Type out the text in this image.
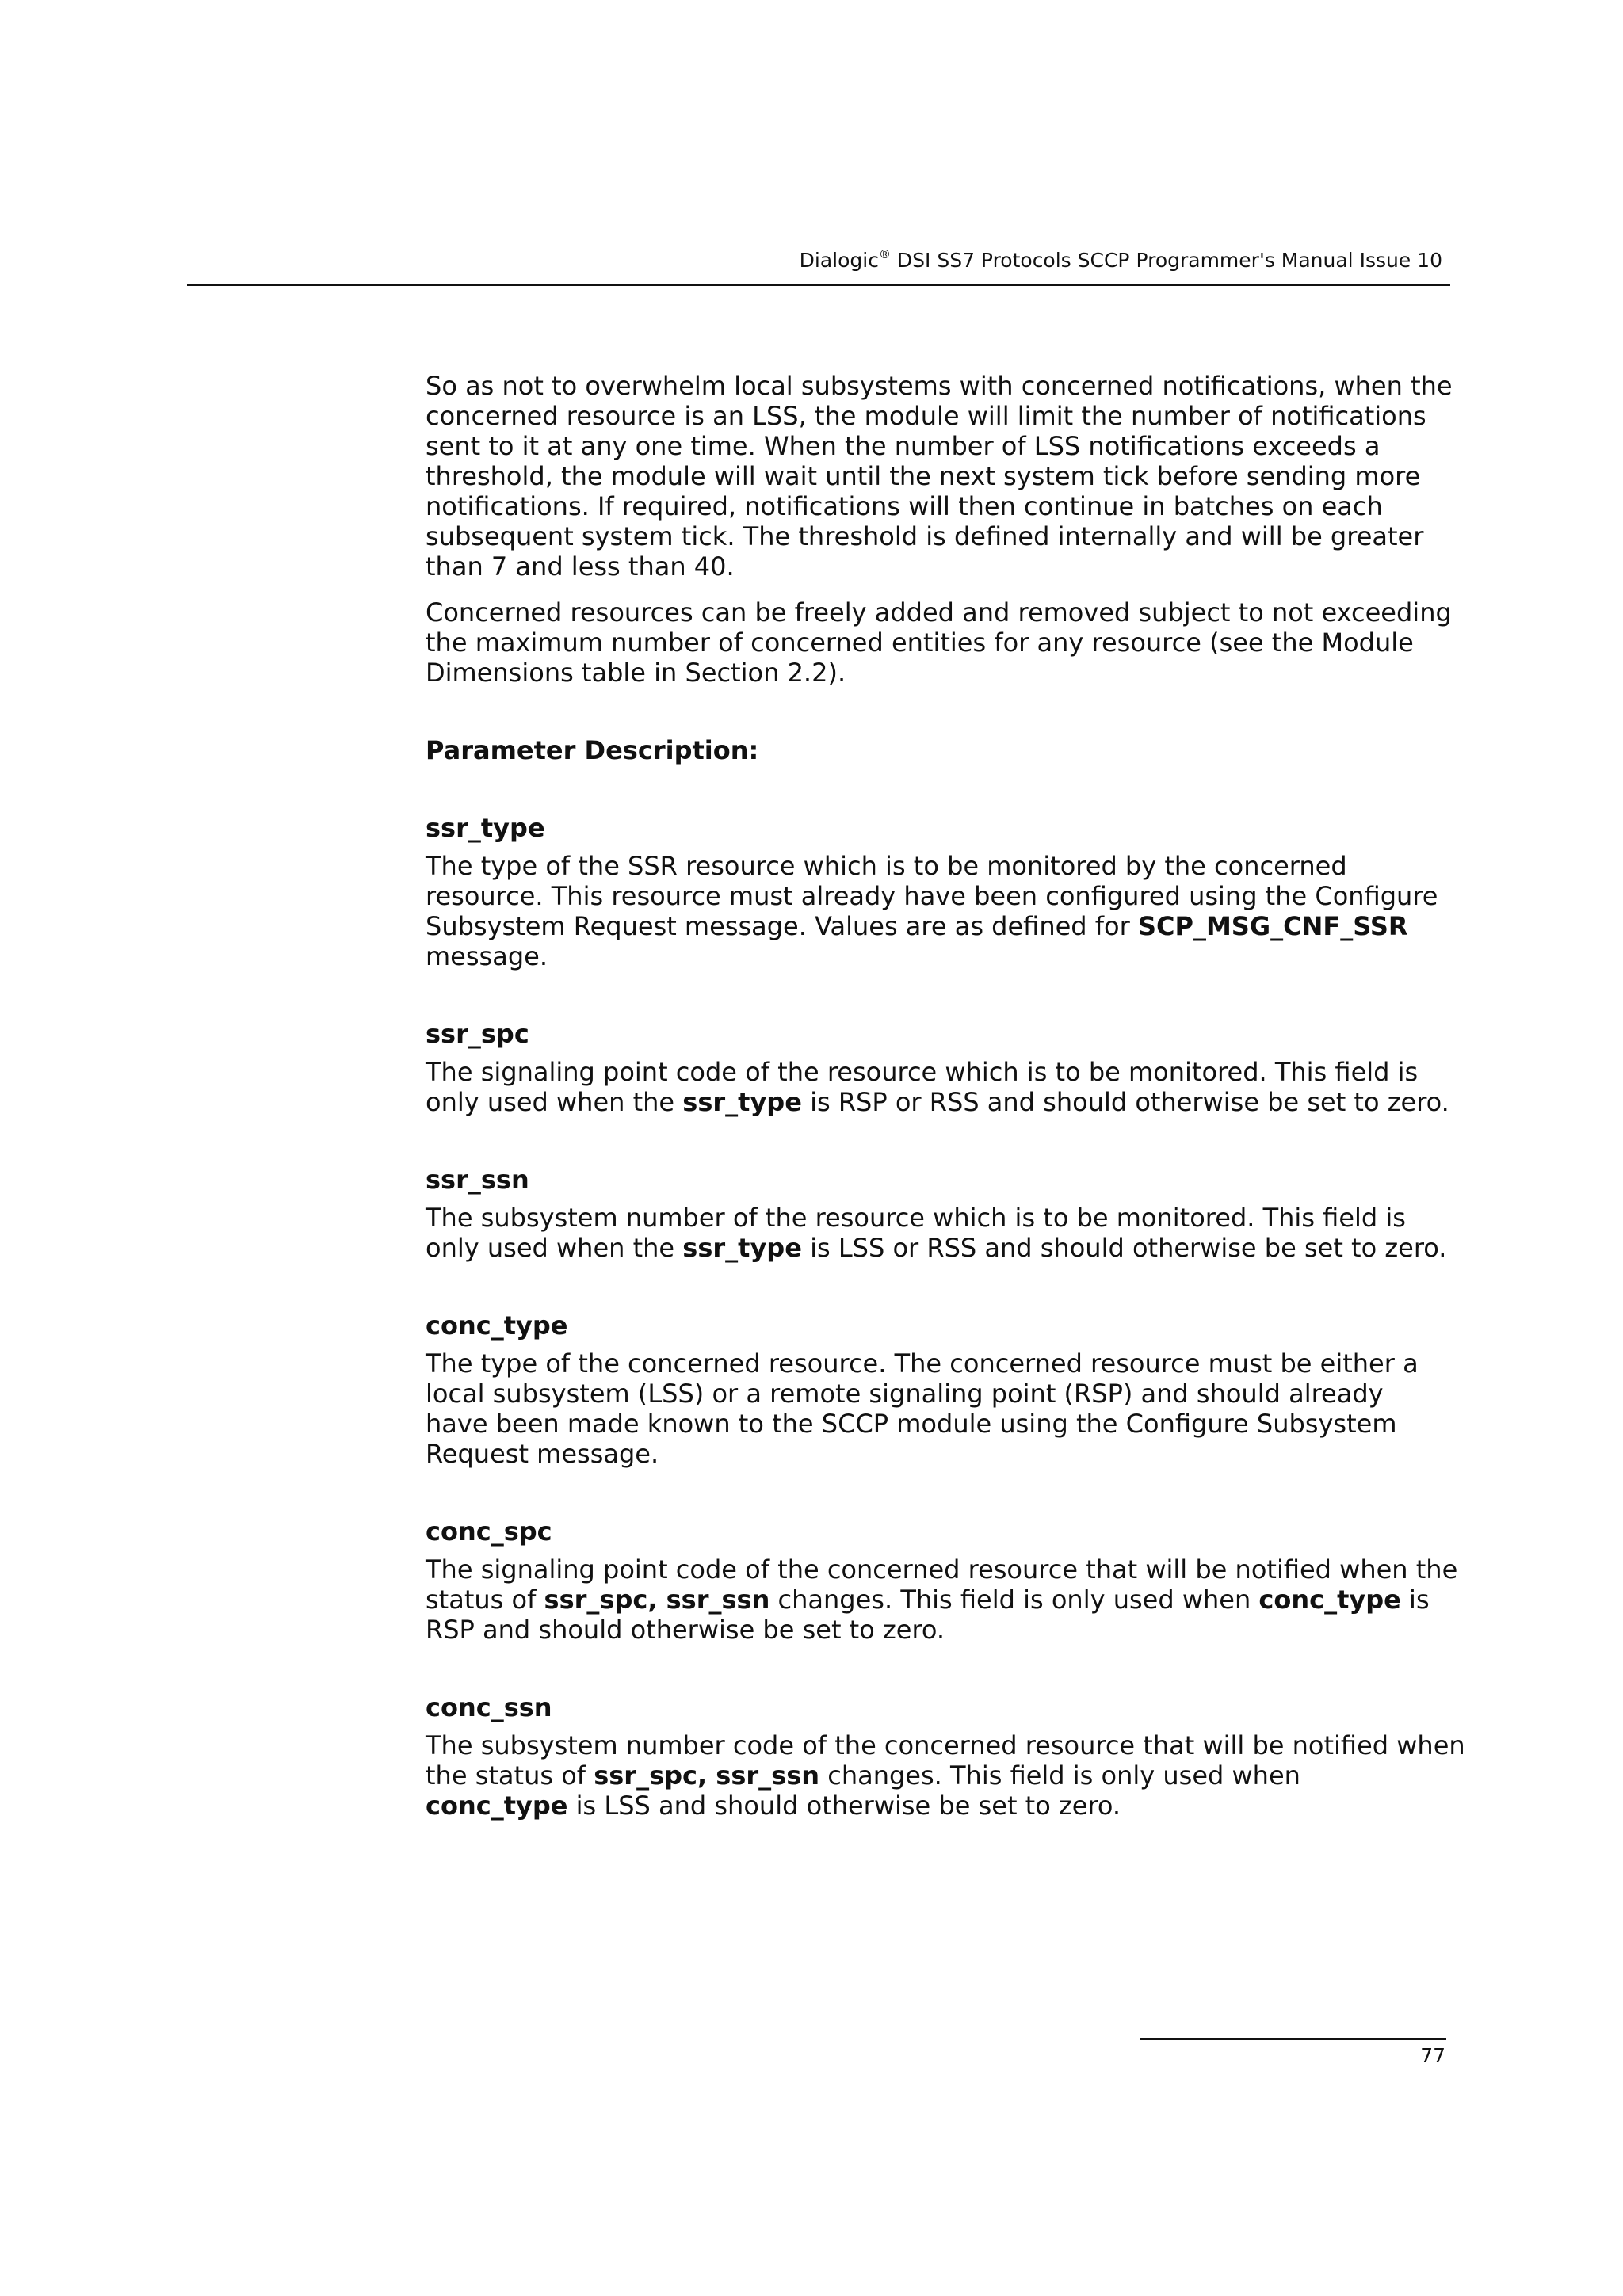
Dialogic® DSI SS7 Protocols SCCP Programmer's Manual Issue 10
So as not to overwhelm local subsystems with concerned notifications, when the
concerned resource is an LSS, the module will limit the number of notifications
sent to it at any one time. When the number of LSS notifications exceeds a
threshold, the module will wait until the next system tick before sending more
notifications. If required, notifications will then continue in batches on each
subsequent system tick. The threshold is defined internally and will be greater
than 7 and less than 40.
Concerned resources can be freely added and removed subject to not exceeding
the maximum number of concerned entities for any resource (see the Module
Dimensions table in Section 2.2).
Parameter Description:
ssr_type
The type of the SSR resource which is to be monitored by the concerned
resource. This resource must already have been configured using the Configure
Subsystem Request message. Values are as defined for SCP_MSG_CNF_SSR
message.
ssr_spc
The signaling point code of the resource which is to be monitored. This field is
only used when the ssr_type is RSP or RSS and should otherwise be set to zero.
ssr_ssn
The subsystem number of the resource which is to be monitored. This field is
only used when the ssr_type is LSS or RSS and should otherwise be set to zero.
conc_type
The type of the concerned resource. The concerned resource must be either a
local subsystem (LSS) or a remote signaling point (RSP) and should already
have been made known to the SCCP module using the Configure Subsystem
Request message.
conc_spc
The signaling point code of the concerned resource that will be notified when the
status of ssr_spc, ssr_ssn changes. This field is only used when conc_type is
RSP and should otherwise be set to zero.
conc_ssn
The subsystem number code of the concerned resource that will be notified when
the status of ssr_spc, ssr_ssn changes. This field is only used when
conc_type is LSS and should otherwise be set to zero.
77
